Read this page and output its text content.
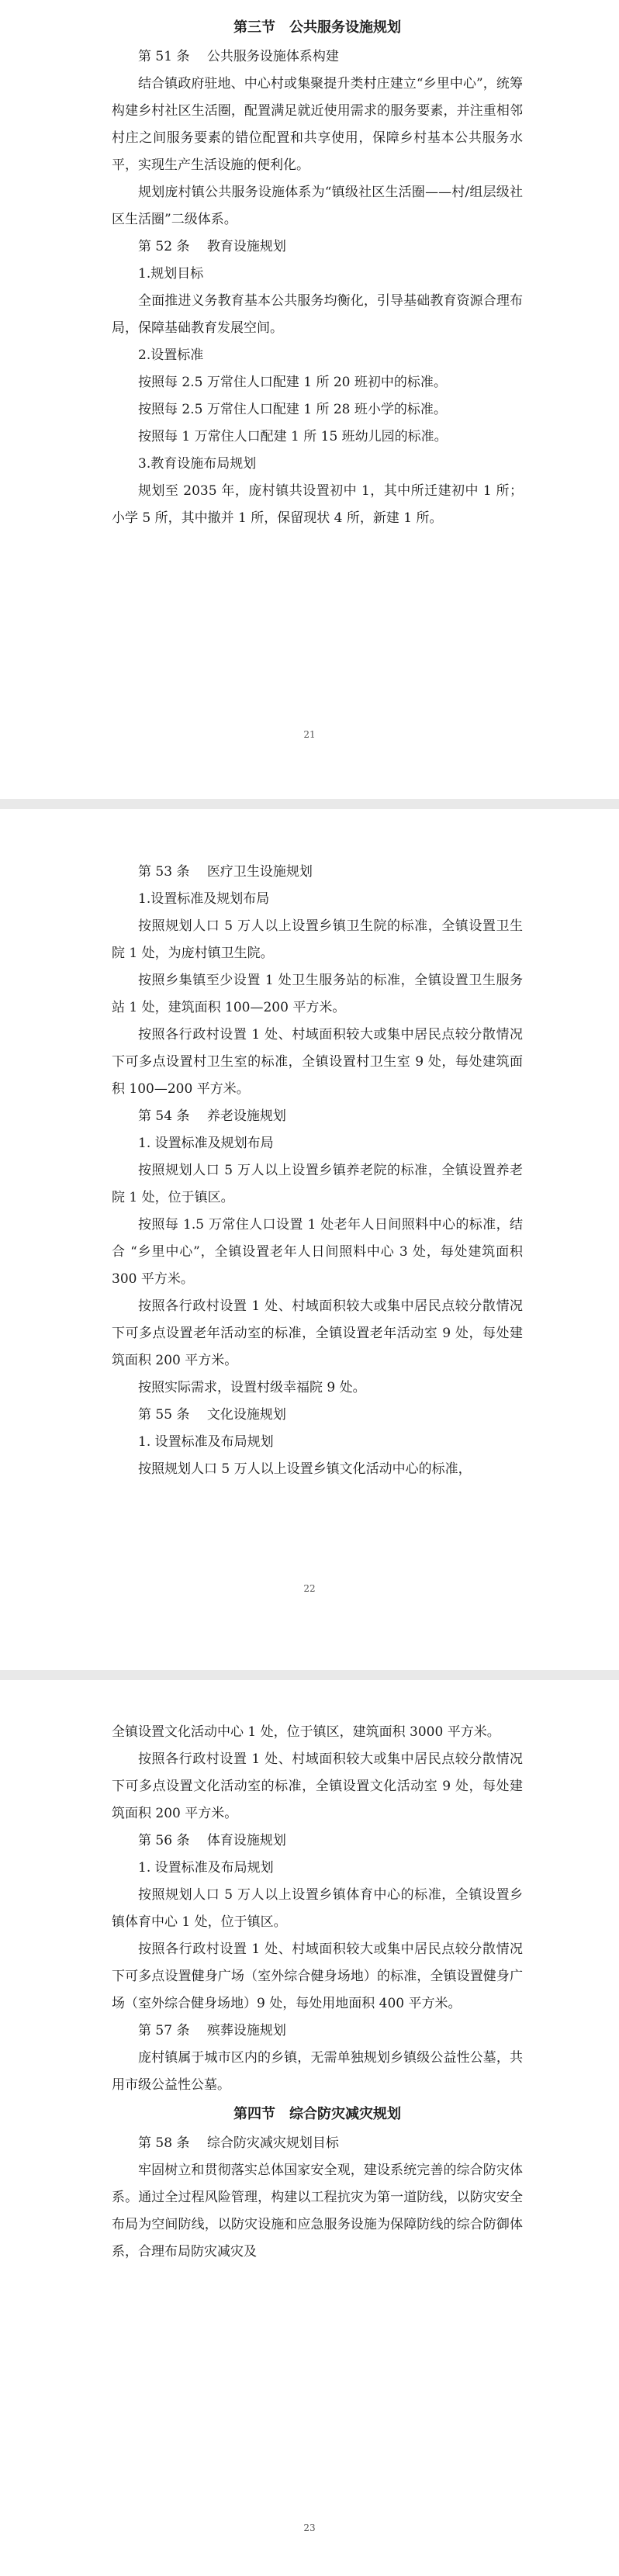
第三节　公共服务设施规划
第 51 条　 公共服务设施体系构建
结合镇政府驻地、中心村或集聚提升类村庄建立“乡里中心”，统筹构建乡村社区生活圈，配置满足就近使用需求的服务要素，并注重相邻村庄之间服务要素的错位配置和共享使用，保障乡村基本公共服务水平，实现生产生活设施的便利化。
规划庞村镇公共服务设施体系为“镇级社区生活圈——村/组层级社区生活圈”二级体系。
第 52 条　 教育设施规划
1.规划目标
全面推进义务教育基本公共服务均衡化，引导基础教育资源合理布局，保障基础教育发展空间。
2.设置标准
按照每 2.5 万常住人口配建 1 所 20 班初中的标准。
按照每 2.5 万常住人口配建 1 所 28 班小学的标准。
按照每 1 万常住人口配建 1 所 15 班幼儿园的标准。
3.教育设施布局规划
规划至 2035 年，庞村镇共设置初中 1，其中所迁建初中 1 所；小学 5 所，其中撤并 1 所，保留现状 4 所，新建 1 所。
21
第 53 条　 医疗卫生设施规划
1.设置标准及规划布局
按照规划人口 5 万人以上设置乡镇卫生院的标准，全镇设置卫生院 1 处，为庞村镇卫生院。
按照乡集镇至少设置 1 处卫生服务站的标准，全镇设置卫生服务站 1 处，建筑面积 100—200 平方米。
按照各行政村设置 1 处、村域面积较大或集中居民点较分散情况下可多点设置村卫生室的标准，全镇设置村卫生室 9 处，每处建筑面积 100—200 平方米。
第 54 条　 养老设施规划
1. 设置标准及规划布局
按照规划人口 5 万人以上设置乡镇养老院的标准，全镇设置养老院 1 处，位于镇区。
按照每 1.5 万常住人口设置 1 处老年人日间照料中心的标准，结合 “乡里中心”，全镇设置老年人日间照料中心 3 处，每处建筑面积 300 平方米。
按照各行政村设置 1 处、村域面积较大或集中居民点较分散情况下可多点设置老年活动室的标准，全镇设置老年活动室 9 处，每处建筑面积 200 平方米。
按照实际需求，设置村级幸福院 9 处。
第 55 条　 文化设施规划
1. 设置标准及布局规划
按照规划人口 5 万人以上设置乡镇文化活动中心的标准，
22
全镇设置文化活动中心 1 处，位于镇区，建筑面积 3000 平方米。
按照各行政村设置 1 处、村域面积较大或集中居民点较分散情况下可多点设置文化活动室的标准，全镇设置文化活动室 9 处，每处建筑面积 200 平方米。
第 56 条　 体育设施规划
1. 设置标准及布局规划
按照规划人口 5 万人以上设置乡镇体育中心的标准，全镇设置乡镇体育中心 1 处，位于镇区。
按照各行政村设置 1 处、村域面积较大或集中居民点较分散情况下可多点设置健身广场（室外综合健身场地）的标准，全镇设置健身广场（室外综合健身场地）9 处，每处用地面积 400 平方米。
第 57 条　 殡葬设施规划
庞村镇属于城市区内的乡镇，无需单独规划乡镇级公益性公墓，共用市级公益性公墓。
第四节　综合防灾减灾规划
第 58 条　 综合防灾减灾规划目标
牢固树立和贯彻落实总体国家安全观，建设系统完善的综合防灾体系。通过全过程风险管理，构建以工程抗灾为第一道防线，以防灾安全布局为空间防线，以防灾设施和应急服务设施为保障防线的综合防御体系，合理布局防灾减灾及
23
